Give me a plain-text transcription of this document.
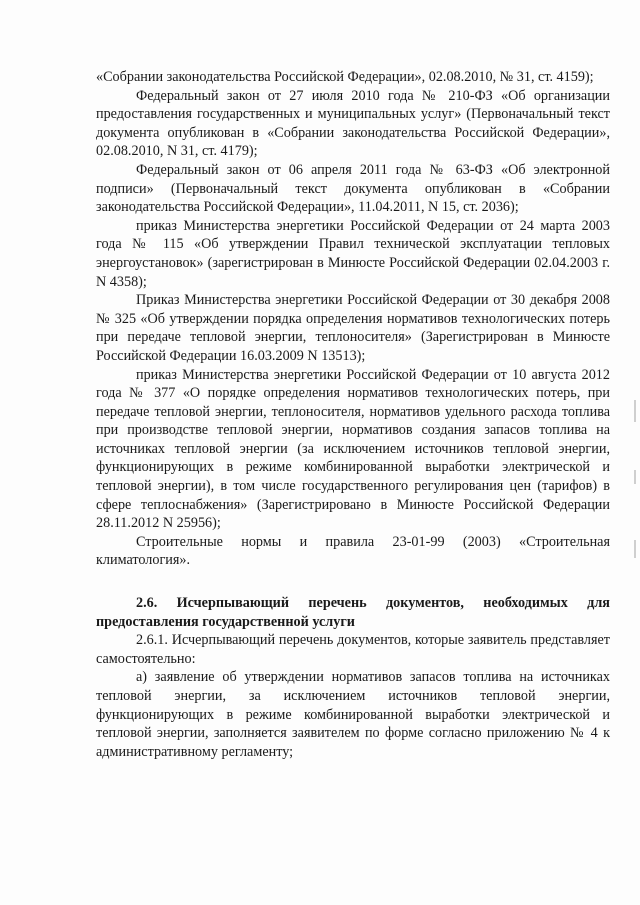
«Собрании законодательства Российской Федерации», 02.08.2010, № 31, ст. 4159);

Федеральный закон от 27 июля 2010 года № 210-ФЗ «Об организации предоставления государственных и муниципальных услуг» (Первоначальный текст документа опубликован в «Собрании законодательства Российской Федерации», 02.08.2010, N 31, ст. 4179);

Федеральный закон от 06 апреля 2011 года № 63-ФЗ «Об электронной подписи» (Первоначальный текст документа опубликован в «Собрании законодательства Российской Федерации», 11.04.2011, N 15, ст. 2036);

приказ Министерства энергетики Российской Федерации от 24 марта 2003 года № 115 «Об утверждении Правил технической эксплуатации тепловых энергоустановок» (зарегистрирован в Минюсте Российской Федерации 02.04.2003 г. N 4358);

Приказ Министерства энергетики Российской Федерации от 30 декабря 2008 № 325 «Об утверждении порядка определения нормативов технологических потерь при передаче тепловой энергии, теплоносителя» (Зарегистрирован в Минюсте Российской Федерации 16.03.2009 N 13513);

приказ Министерства энергетики Российской Федерации от 10 августа 2012 года № 377 «О порядке определения нормативов технологических потерь, при передаче тепловой энергии, теплоносителя, нормативов удельного расхода топлива при производстве тепловой энергии, нормативов создания запасов топлива на источниках тепловой энергии (за исключением источников тепловой энергии, функционирующих в режиме комбинированной выработки электрической и тепловой энергии), в том числе государственного регулирования цен (тарифов) в сфере теплоснабжения» (Зарегистрировано в Минюсте Российской Федерации 28.11.2012 N 25956);

Строительные нормы и правила 23-01-99 (2003) «Строительная климатология».

2.6. Исчерпывающий перечень документов, необходимых для предоставления государственной услуги

2.6.1. Исчерпывающий перечень документов, которые заявитель представляет самостоятельно:

а) заявление об утверждении нормативов запасов топлива на источниках тепловой энергии, за исключением источников тепловой энергии, функционирующих в режиме комбинированной выработки электрической и тепловой энергии, заполняется заявителем по форме согласно приложению № 4 к административному регламенту;
